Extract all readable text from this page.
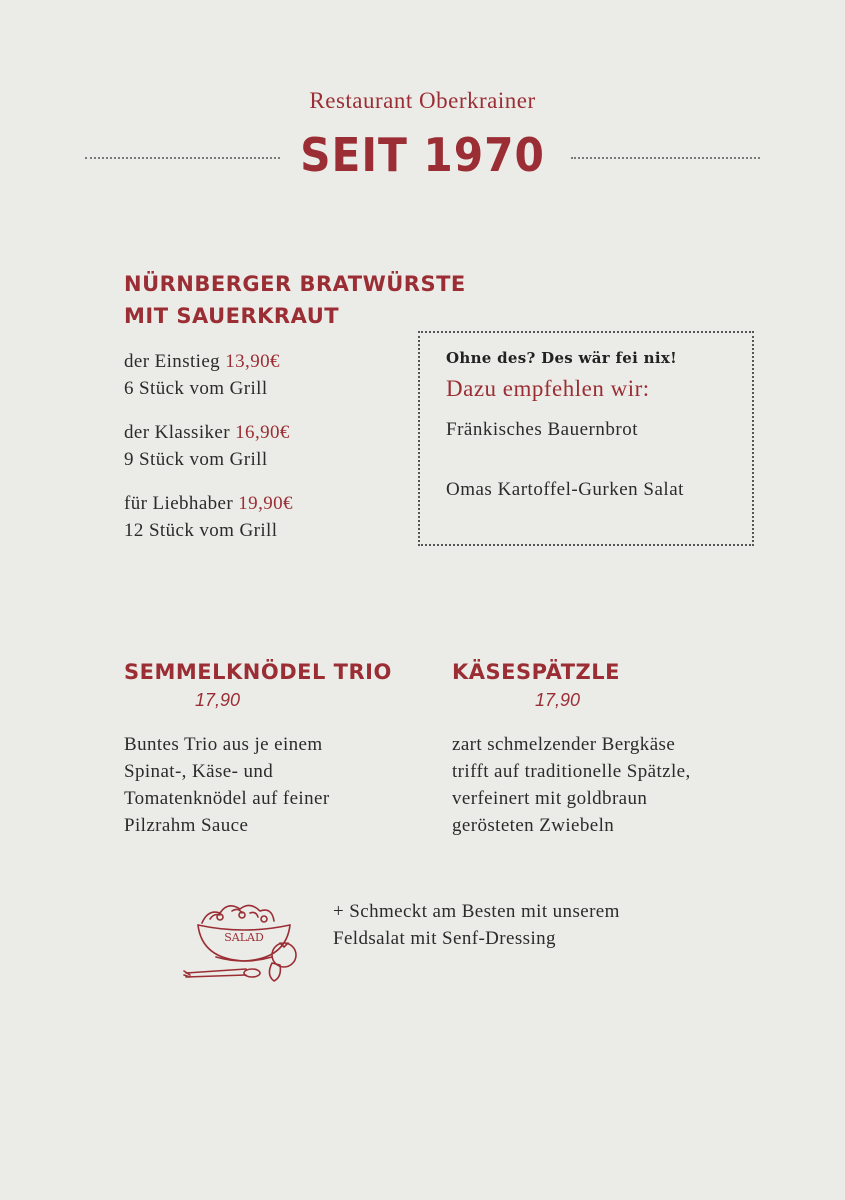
Restaurant Oberkrainer
SEIT 1970
NÜRNBERGER BRATWÜRSTE
MIT SAUERKRAUT
der Einstieg 13,90€
6 Stück vom Grill
der Klassiker 16,90€
9 Stück vom Grill
für Liebhaber 19,90€
12 Stück vom Grill
Ohne des? Des wär fei nix!
Dazu empfehlen wir:
Fränkisches Bauernbrot
Omas Kartoffel-Gurken Salat
SEMMELKNÖDEL TRIO
17,90
Buntes Trio aus je einem
Spinat-, Käse- und
Tomatenknödel auf feiner
Pilzrahm Sauce
KÄSESPÄTZLE
17,90
zart schmelzender Bergkäse
trifft auf traditionelle Spätzle,
verfeinert mit goldbraun
gerösteten Zwiebeln
SALAD
+ Schmeckt am Besten mit unserem
Feldsalat mit Senf-Dressing
